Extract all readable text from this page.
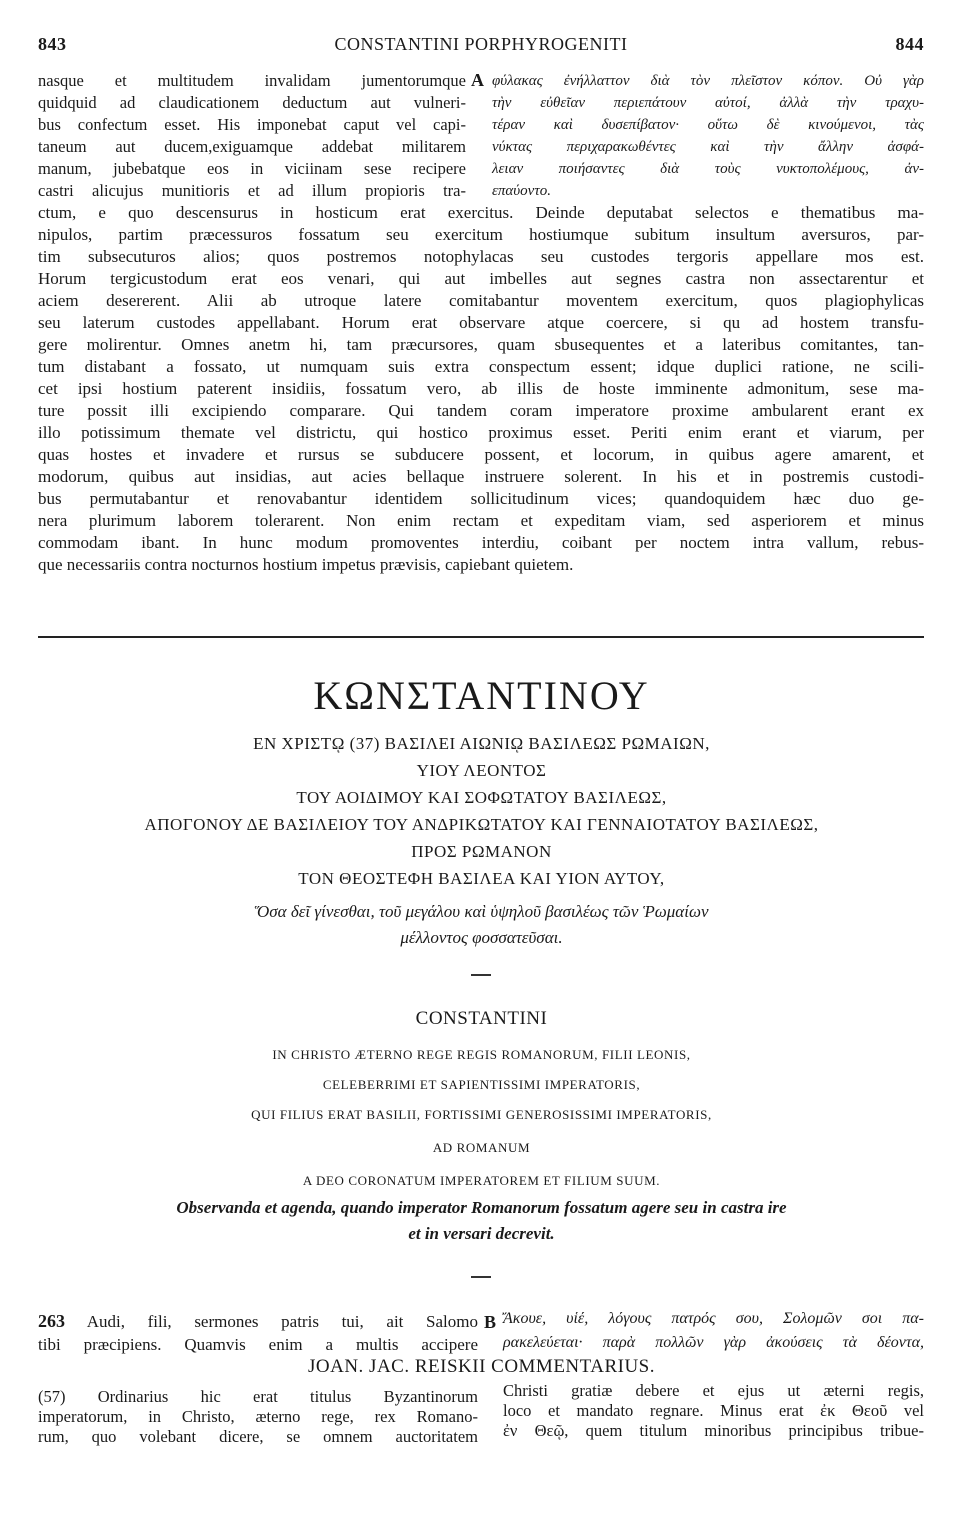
843	CONSTANTINI PORPHYROGENITI	844
nasque et multitudem invalidam jumentorumque
quidquid ad claudicationem deductum aut vulneri-
bus confectum esset. His imponebat caput vel capi-
taneum aut ducem,exiguamque addebat militarem
manum, jubebatque eos in viciinam sese recipere
castri alicujus munitioris et ad illum propioris tra-
A φύλακας ἐνήλλαττον διὰ τὸν πλεῖστον κόπον. Οὐ γὰρ
τὴν εὐθεῖαν περιεπάτουν αὐτοί, ἀλλὰ τὴν τραχυ-
τέραν καὶ δυσεπίβατον· οὕτω δὲ κινούμενοι, τὰς
νύκτας περιχαρακωθέντες καὶ τὴν ἄλλην ἀσφά-
λειαν ποιήσαντες διὰ τοὺς νυκτοπολέμους, ἀν-
επαύοντο.
ctum, e quo descensurus in hosticum erat exercitus. Deinde deputabat selectos e thematibus ma-
nipulos, partim præcessuros fossatum seu exercitum hostiumque subitum insultum aversuros, par-
tim subsecuturos alios; quos postremos notophylacas seu custodes tergoris appellare mos est.
Horum tergicustodum erat eos venari, qui aut imbelles aut segnes castra non assectarentur et
aciem desererent. Alii ab utroque latere comitabantur moventem exercitum, quos plagiophylicas
seu laterum custodes appellabant. Horum erat observare atque coercere, si qu ad hostem transfu-
gere molirentur. Omnes anetm hi, tam præcursores, quam sbusequentes et a lateribus comitantes, tan-
tum distabant a fossato, ut numquam suis extra conspectum essent; idque duplici ratione, ne scili-
cet ipsi hostium paterent insidiis, fossatum vero, ab illis de hoste imminente admonitum, sese ma-
ture possit illi excipiendo comparare. Qui tandem coram imperatore proxime ambularent erant ex
illo potissimum themate vel districtu, qui hostico proximus esset. Periti enim erant et viarum, per
quas hostes et invadere et rursus se subducere possent, et locorum, in quibus agere amarent, et
modorum, quibus aut insidias, aut acies bellaque instruere solerent. In his et in postremis custodi-
bus permutabantur et renovabantur identidem sollicitudinum vices; quandoquidem hæc duo ge-
nera plurimum laborem tolerarent. Non enim rectam et expeditam viam, sed asperiorem et minus
commodam ibant. In hunc modum promoventes interdiu, coibant per noctem intra vallum, rebus-
que necessariis contra nocturnos hostium impetus prævisis, capiebant quietem.
ΚΩΝΣΤΑΝΤΙΝΟΥ
ΕΝ ΧΡΙΣΤῼ (37) ΒΑΣΙΛΕΙ ΑΙΩΝΙῼ ΒΑΣΙΛΕΩΣ ΡΩΜΑΙΩΝ,
ΥΙΟΥ ΛΕΟΝΤΟΣ
ΤΟΥ ΑΟΙΔΙΜΟΥ ΚΑΙ ΣΟΦΩΤΑΤΟΥ ΒΑΣΙΛΕΩΣ,
ΑΠΟΓΟΝΟΥ ΔΕ ΒΑΣΙΛΕΙΟΥ ΤΟΥ ΑΝΔΡΙΚΩΤΑΤΟΥ ΚΑΙ ΓΕΝΝΑΙΟΤΑΤΟΥ ΒΑΣΙΛΕΩΣ,
ΠΡΟΣ ΡΩΜΑΝΟΝ
ΤΟΝ ΘΕΟΣΤΕΦΗ ΒΑΣΙΛΕΑ ΚΑΙ ΥΙΟΝ ΑΥΤΟΥ,
Ὅσα δεῖ γίνεσθαι, τοῦ μεγάλου καὶ ὑψηλοῦ βασιλέως τῶν Ῥωμαίων
μέλλοντος φοσσατεῦσαι.
CONSTANTINI
IN CHRISTO ÆTERNO REGE REGIS ROMANORUM, FILII LEONIS,
CELEBERRIMI ET SAPIENTISSIMI IMPERATORIS,
QUI FILIUS ERAT BASILII, FORTISSIMI GENEROSISSIMI IMPERATORIS,
AD ROMANUM
A DEO CORONATUM IMPERATOREM ET FILIUM SUUM.
Observanda et agenda, quando imperator Romanorum fossatum agere seu in castra ire
et in versari decrevit.
263 Audi, fili, sermones patris tui, ait Salomo
tibi præcipiens. Quamvis enim a multis accipere
B Ἄκουε, υἱέ, λόγους πατρός σου, Σολομῶν σοι πα-
ρακελεύεται· παρὰ πολλῶν γὰρ ἀκούσεις τὰ δέοντα,
JOAN. JAC. REISKII COMMENTARIUS.
(57) Ordinarius hic erat titulus Byzantinorum
imperatorum, in Christo, æterno rege, rex Romano-
rum, quo volebant dicere, se omnem auctoritatem
Christi gratiæ debere et ejus ut æterni regis,
loco et mandato regnare. Minus erat ἐκ Θεοῦ vel
ἐν Θεῷ, quem titulum minoribus principibus tribue-
